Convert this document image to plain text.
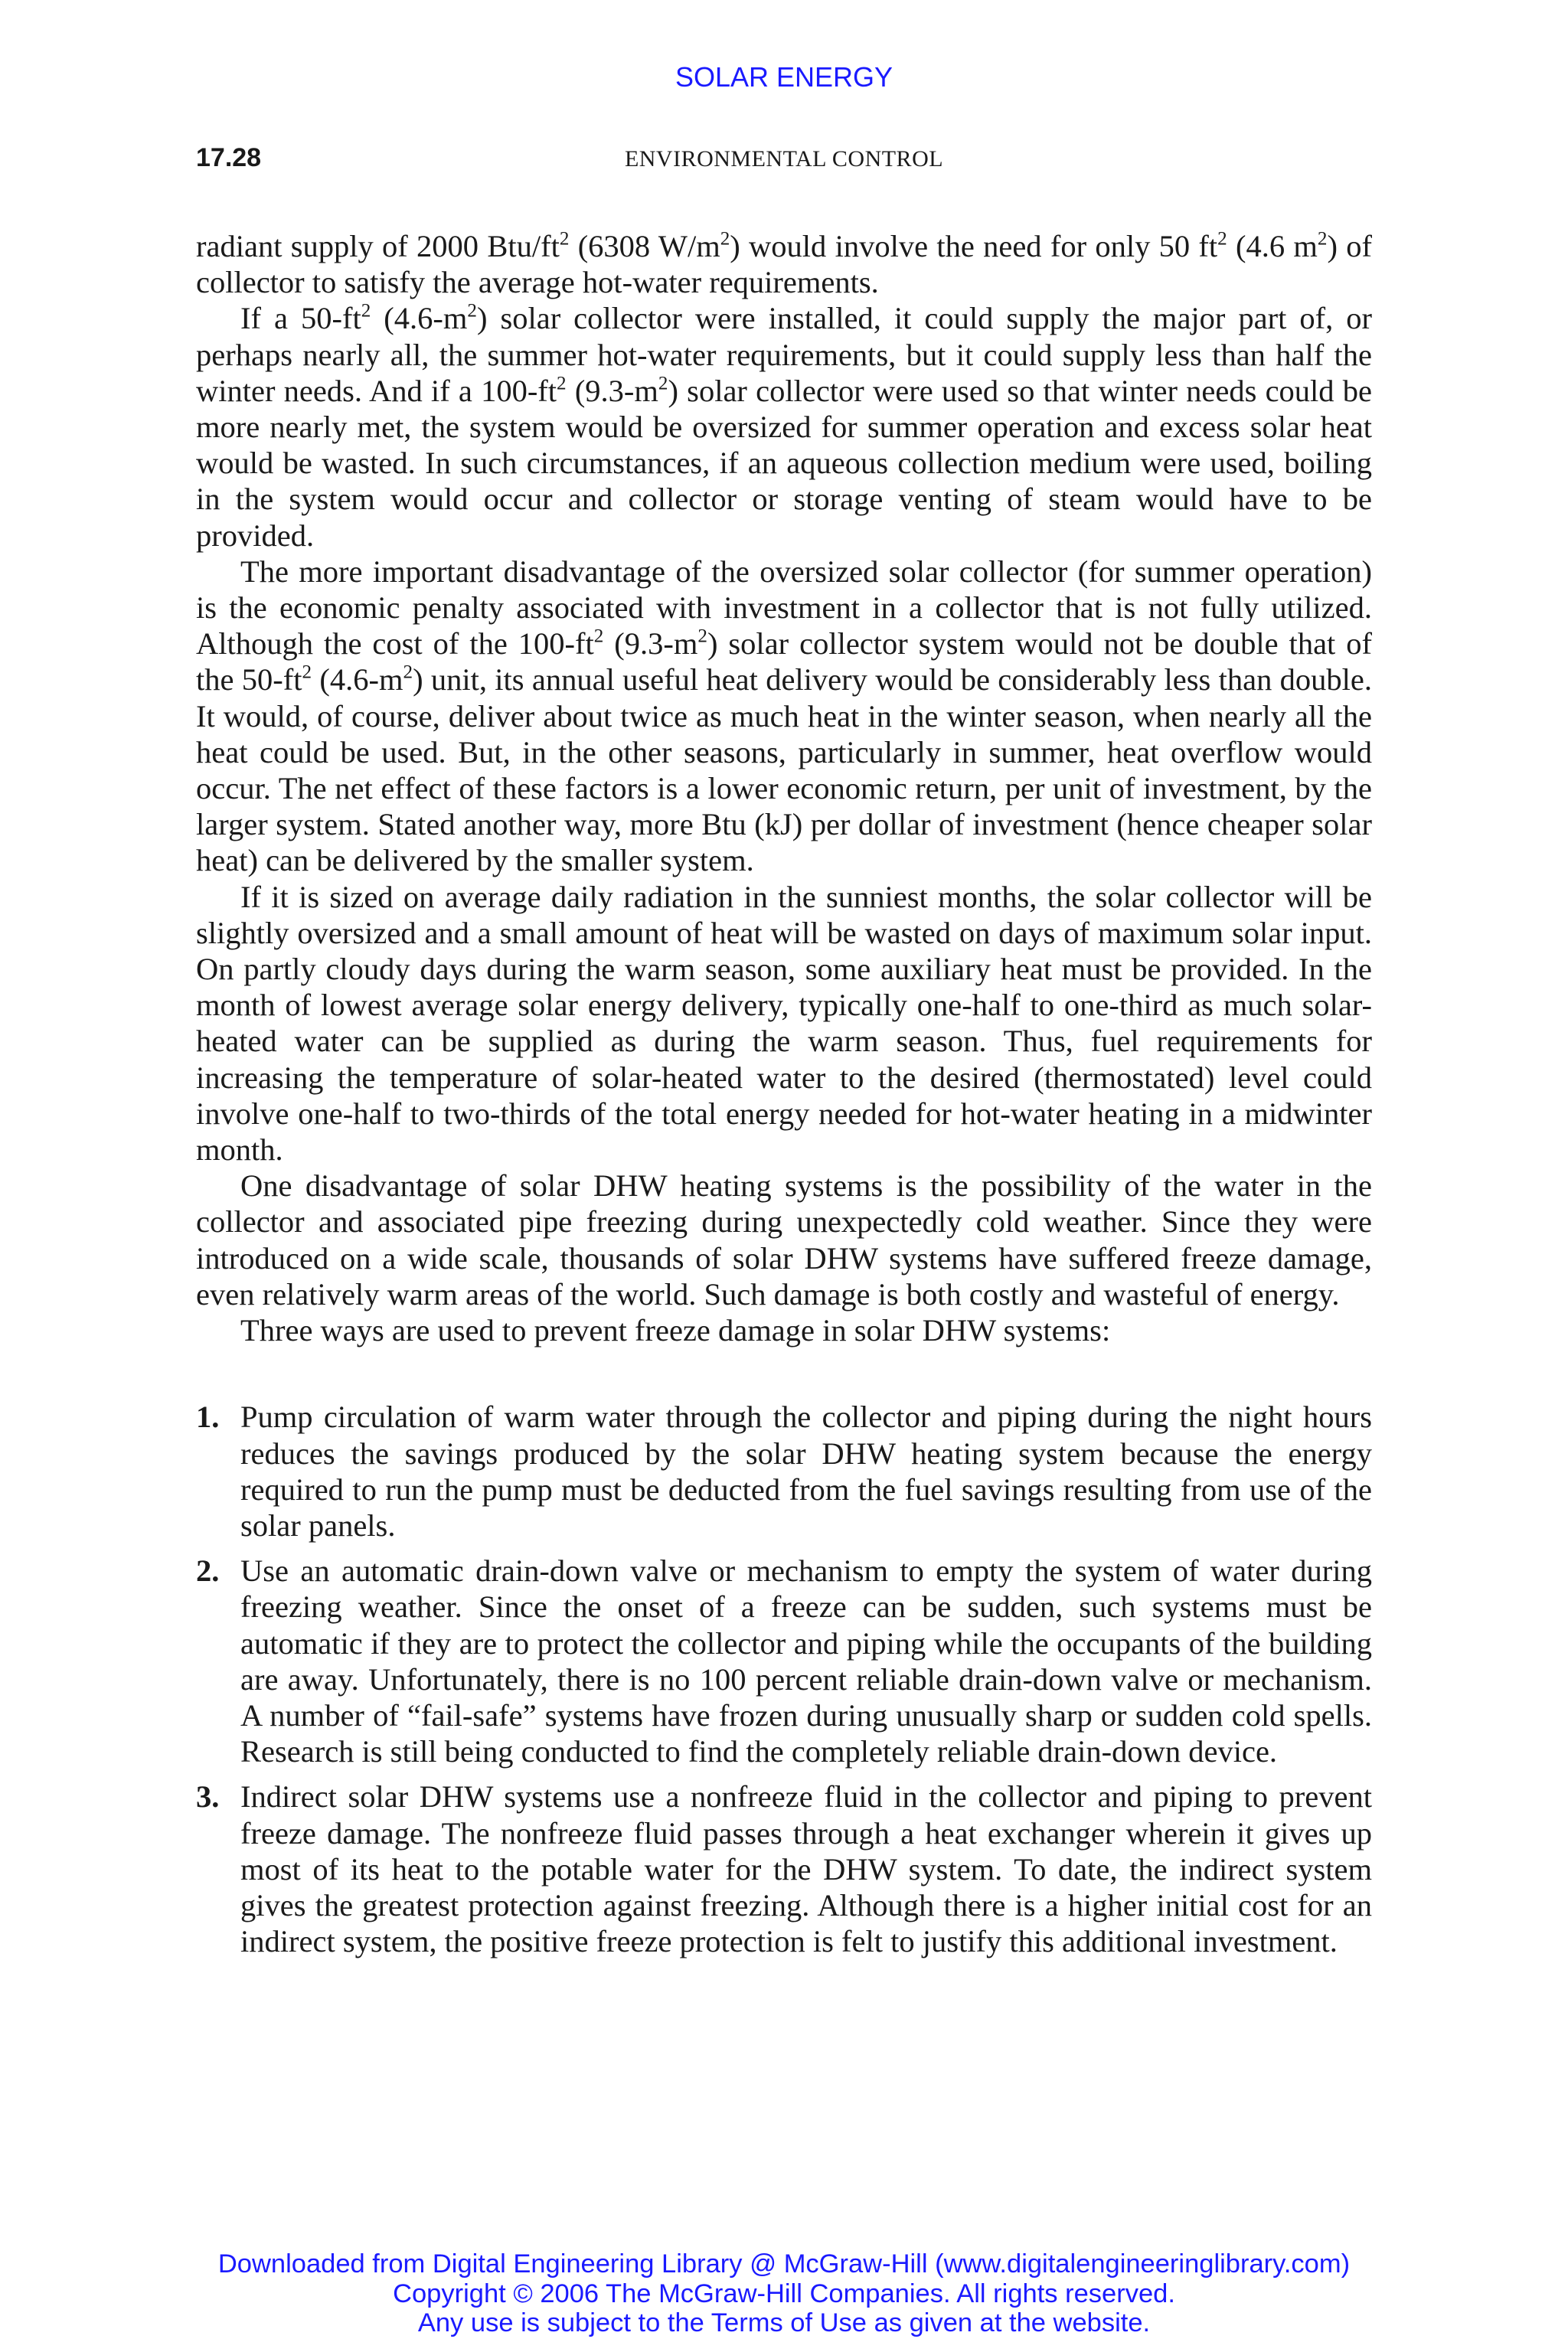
SOLAR ENERGY
17.28	ENVIRONMENTAL CONTROL

radiant supply of 2000 Btu/$ft^2$ (6308 $W/m^2$) would involve the need for only 50 $ft^2$ (4.6 $m^2$) of collector to satisfy the average hot-water requirements.

If a $50-ft^2$ $(4.6-m^2)$ solar collector were installed, it could supply the major part of, or perhaps nearly all, the summer hot-water requirements, but it could supply less than half the winter needs. And if a $100-ft^2$ $(9.3-m^2)$ solar collector were used so that winter needs could be more nearly met, the system would be oversized for summer operation and excess solar heat would be wasted. In such circumstances, if an aqueous collection medium were used, boiling in the system would occur and collector or storage venting of steam would have to be provided.

The more important disadvantage of the oversized solar collector (for summer operation) is the economic penalty associated with investment in a collector that is not fully utilized. Although the cost of the $100-ft^2$ $(9.3-m^2)$ solar collector system would not be double that of the $50-ft^2$ $(4.6-m^2)$ unit, its annual useful heat delivery would be considerably less than double. It would, of course, deliver about twice as much heat in the winter season, when nearly all the heat could be used. But, in the other seasons, particularly in summer, heat overflow would occur. The net effect of these factors is a lower economic return, per unit of investment, by the larger system. Stated another way, more Btu (kJ) per dollar of investment (hence cheaper solar heat) can be delivered by the smaller system.

If it is sized on average daily radiation in the sunniest months, the solar collector will be slightly oversized and a small amount of heat will be wasted on days of maximum solar input. On partly cloudy days during the warm season, some auxiliary heat must be provided. In the month of lowest average solar energy delivery, typically one-half to one-third as much solar-heated water can be supplied as during the warm season. Thus, fuel requirements for increasing the temperature of solar-heated water to the desired (thermostated) level could involve one-half to two-thirds of the total energy needed for hot-water heating in a midwinter month.

One disadvantage of solar DHW heating systems is the possibility of the water in the collector and associated pipe freezing during unexpectedly cold weather. Since they were introduced on a wide scale, thousands of solar DHW systems have suffered freeze damage, even relatively warm areas of the world. Such damage is both costly and wasteful of energy.

Three ways are used to prevent freeze damage in solar DHW systems:

1. Pump circulation of warm water through the collector and piping during the night hours reduces the savings produced by the solar DHW heating system because the energy required to run the pump must be deducted from the fuel savings resulting from use of the solar panels.
2. Use an automatic drain-down valve or mechanism to empty the system of water during freezing weather. Since the onset of a freeze can be sudden, such systems must be automatic if they are to protect the collector and piping while the occupants of the building are away. Unfortunately, there is no 100 percent reliable drain-down valve or mechanism. A number of “fail-safe” systems have frozen during unusually sharp or sudden cold spells. Research is still being conducted to find the completely reliable drain-down device.
3. Indirect solar DHW systems use a nonfreeze fluid in the collector and piping to prevent freeze damage. The nonfreeze fluid passes through a heat exchanger wherein it gives up most of its heat to the potable water for the DHW system. To date, the indirect system gives the greatest protection against freezing. Although there is a higher initial cost for an indirect system, the positive freeze protection is felt to justify this additional investment.
Downloaded from Digital Engineering Library @ McGraw-Hill (www.digitalengineeringlibrary.com)
Copyright © 2006 The McGraw-Hill Companies. All rights reserved.
Any use is subject to the Terms of Use as given at the website.
